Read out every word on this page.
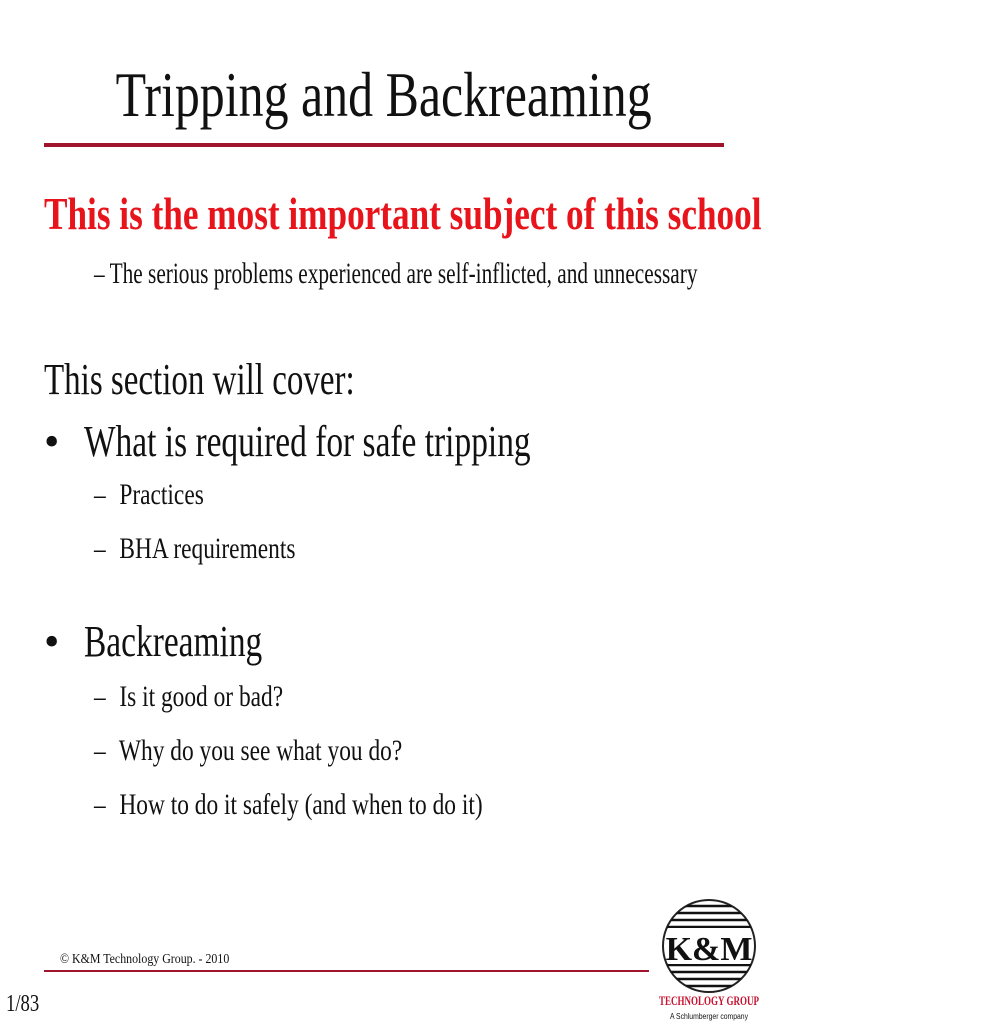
Tripping and Backreaming
This is the most important subject of this school
– The serious problems experienced are self-inflicted, and unnecessary
This section will cover:
• What is required for safe tripping
– Practices
– BHA requirements
• Backreaming
– Is it good or bad?
– Why do you see what you do?
– How to do it safely (and when to do it)
© K&M Technology Group. - 2010
1/83
K&M
TECHNOLOGY GROUP
A Schlumberger company
